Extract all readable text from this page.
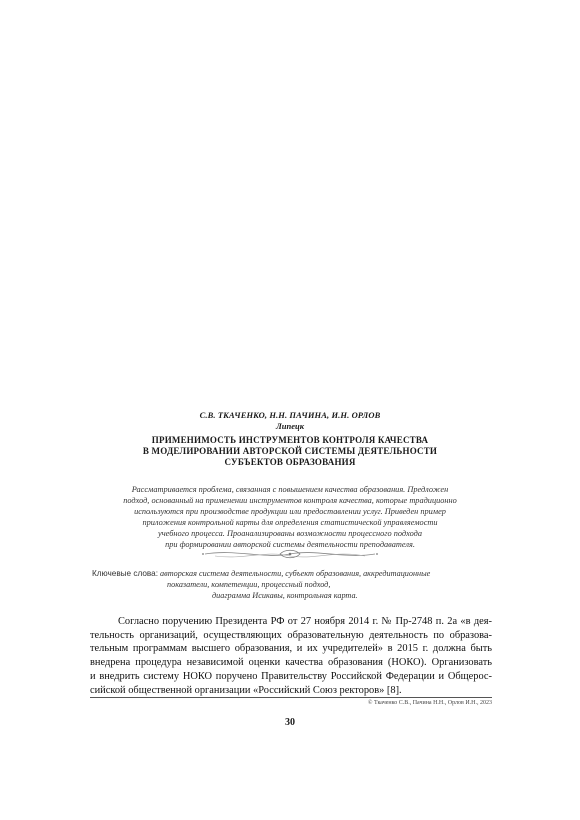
С.В. ТКАЧЕНКО, Н.Н. ПАЧИНА, И.Н. ОРЛОВ
Липецк
ПРИМЕНИМОСТЬ ИНСТРУМЕНТОВ КОНТРОЛЯ КАЧЕСТВА
В МОДЕЛИРОВАНИИ АВТОРСКОЙ СИСТЕМЫ ДЕЯТЕЛЬНОСТИ
СУБЪЕКТОВ ОБРАЗОВАНИЯ
Рассматривается проблема, связанная с повышением качества образования. Предложен
подход, основанный на применении инструментов контроля качества, которые традиционно
используются при производстве продукции или предоставлении услуг. Приведен пример
приложения контрольной карты для определения статистической управляемости
учебного процесса. Проанализированы возможности процессного подхода
при формировании авторской системы деятельности преподавателя.
Ключевые слова: авторская система деятельности, субъект образования, аккредитационные
показатели, компетенции, процессный подход,
диаграмма Исикавы, контрольная карта.
Согласно поручению Президента РФ от 27 ноября 2014 г. № Пр-2748 п. 2а «в дея-
тельность организаций, осуществляющих образовательную деятельность по образова-
тельным программам высшего образования, и их учредителей» в 2015 г. должна быть
внедрена процедура независимой оценки качества образования (НОКО). Организовать
и внедрить систему НОКО поручено Правительству Российской Федерации и Общерос-
сийской общественной организации «Российский Союз ректоров» [8].
© Ткаченко С.В., Пачина Н.Н., Орлов И.Н., 2023
30
